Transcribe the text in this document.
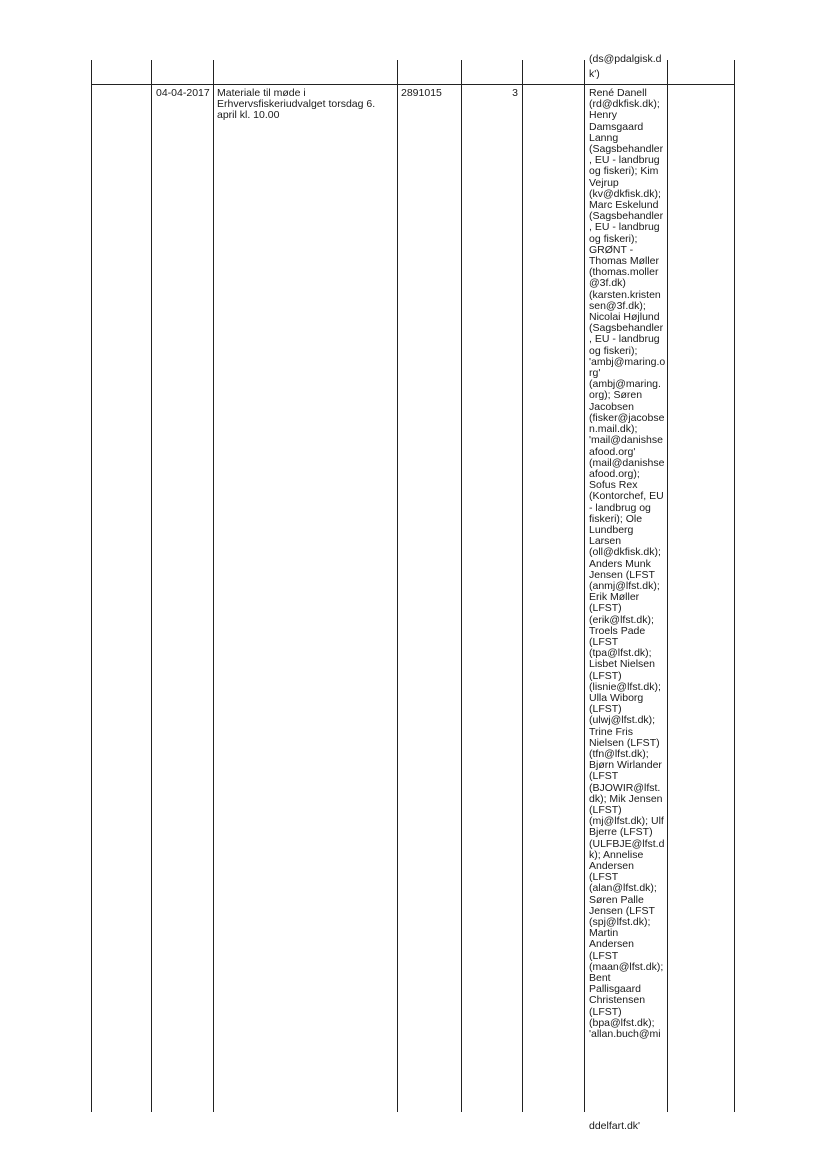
(ds@pdalgisk.d
k')
04-04-2017 Materiale til møde i
Erhvervsfiskeriudvalget torsdag 6.
april kl. 10.00
2891015	3	René Danell
(rd@dkfisk.dk);
Henry
Damsgaard
Lanng
(Sagsbehandler
, EU - landbrug
og fiskeri); Kim
Vejrup
(kv@dkfisk.dk);
Marc Eskelund
(Sagsbehandler
, EU - landbrug
og fiskeri);
GRØNT -
Thomas Møller
(thomas.moller
@3f.dk)
(karsten.kristen
sen@3f.dk);
Nicolai Højlund
(Sagsbehandler
, EU - landbrug
og fiskeri);
'ambj@maring.o
rg'
(ambj@maring.
org); Søren
Jacobsen
(fisker@jacobse
n.mail.dk);
'mail@danishse
afood.org'
(mail@danishse
afood.org);
Sofus Rex
(Kontorchef, EU
- landbrug og
fiskeri); Ole
Lundberg
Larsen
(oll@dkfisk.dk);
Anders Munk
Jensen (LFST
(anmj@lfst.dk);
Erik Møller
(LFST)
(erik@lfst.dk);
Troels Pade
(LFST
(tpa@lfst.dk);
Lisbet Nielsen
(LFST)
(lisnie@lfst.dk);
Ulla Wiborg
(LFST)
(ulwj@lfst.dk);
Trine Fris
Nielsen (LFST)
(tfn@lfst.dk);
Bjørn Wirlander
(LFST
(BJOWIR@lfst.
dk); Mik Jensen
(LFST)
(mj@lfst.dk); Ulf
Bjerre (LFST)
(ULFBJE@lfst.d
k); Annelise
Andersen
(LFST
(alan@lfst.dk);
Søren Palle
Jensen (LFST
(spj@lfst.dk);
Martin
Andersen
(LFST
(maan@lfst.dk);
Bent
Pallisgaard
Christensen
(LFST)
(bpa@lfst.dk);
'allan.buch@mi
ddelfart.dk'
